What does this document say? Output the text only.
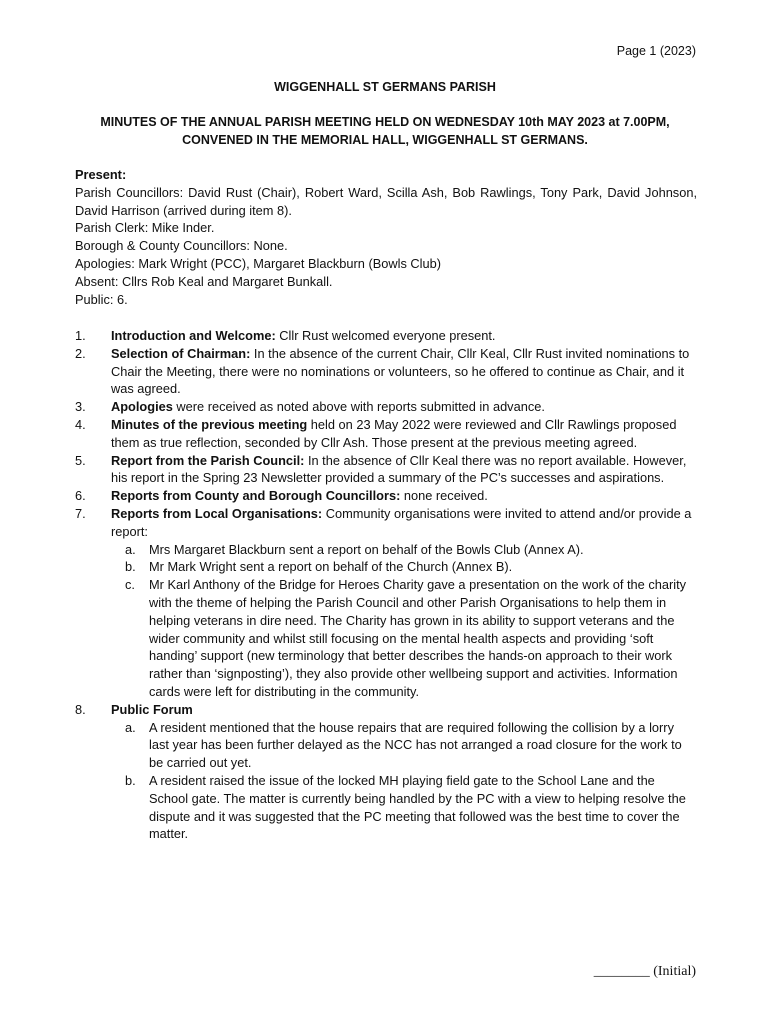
Page 1 (2023)
WIGGENHALL ST GERMANS PARISH
MINUTES OF THE ANNUAL PARISH MEETING HELD ON WEDNESDAY 10th MAY 2023 at 7.00PM, CONVENED IN THE MEMORIAL HALL, WIGGENHALL ST GERMANS.

Present:

Parish Councillors: David Rust (Chair), Robert Ward, Scilla Ash, Bob Rawlings, Tony Park, David Johnson, David Harrison (arrived during item 8).

Parish Clerk: Mike Inder.

Borough & County Councillors: None.

Apologies: Mark Wright (PCC), Margaret Blackburn (Bowls Club)

Absent: Cllrs Rob Keal and Margaret Bunkall.

Public: 6.

1.	Introduction and Welcome: Cllr Rust welcomed everyone present.
2.	Selection of Chairman: In the absence of the current Chair, Cllr Keal, Cllr Rust invited nominations to Chair the Meeting, there were no nominations or volunteers, so he offered to continue as Chair, and it was agreed.
3.	Apologies were received as noted above with reports submitted in advance.
4.	Minutes of the previous meeting held on 23 May 2022 were reviewed and Cllr Rawlings proposed them as true reflection, seconded by Cllr Ash. Those present at the previous meeting agreed.
5.	Report from the Parish Council: In the absence of Cllr Keal there was no report available. However, his report in the Spring 23 Newsletter provided a summary of the PC’s successes and aspirations.
6.	Reports from County and Borough Councillors: none received.
7.	Reports from Local Organisations: Community organisations were invited to attend and/or provide a report:
a. Mrs Margaret Blackburn sent a report on behalf of the Bowls Club (Annex A).
b. Mr Mark Wright sent a report on behalf of the Church (Annex B).
c. Mr Karl Anthony of the Bridge for Heroes Charity gave a presentation on the work of the charity with the theme of helping the Parish Council and other Parish Organisations to help them in helping veterans in dire need. The Charity has grown in its ability to support veterans and the wider community and whilst still focusing on the mental health aspects and providing ‘soft handing’ support (new terminology that better describes the hands-on approach to their work rather than ‘signposting’), they also provide other wellbeing support and activities. Information cards were left for distributing in the community.
8.	Public Forum
a. A resident mentioned that the house repairs that are required following the collision by a lorry last year has been further delayed as the NCC has not arranged a road closure for the work to be carried out yet.
b. A resident raised the issue of the locked MH playing field gate to the School Lane and the School gate. The matter is currently being handled by the PC with a view to helping resolve the dispute and it was suggested that the PC meeting that followed was the best time to cover the matter.
________ (Initial)
